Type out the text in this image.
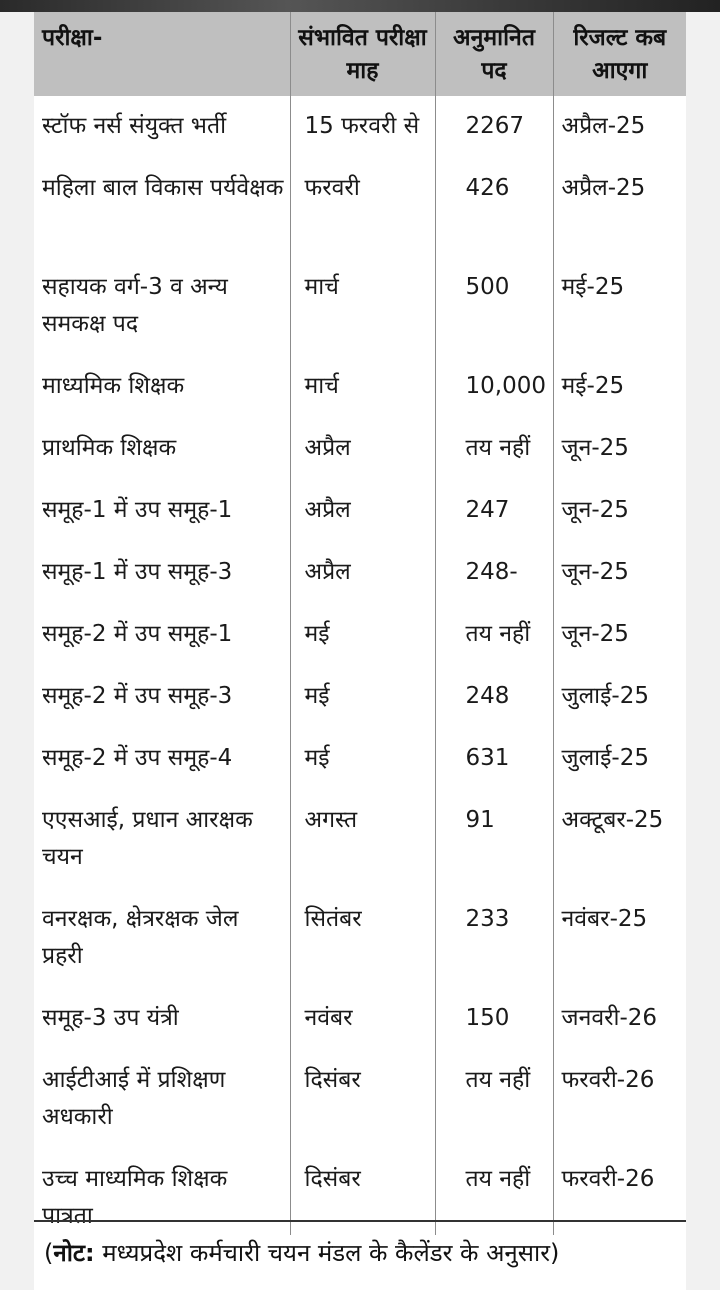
परीक्षा-	संभावित परीक्षा माह	अनुमानित पद	रिजल्ट कब आएगा
स्टॉफ नर्स संयुक्त भर्ती	15 फरवरी से	2267	अप्रैल-25
महिला बाल विकास पर्यवेक्षक	फरवरी	426	अप्रैल-25
सहायक वर्ग-3 व अन्य समकक्ष पद	मार्च	500	मई-25
माध्यमिक शिक्षक	मार्च	10,000	मई-25
प्राथमिक शिक्षक	अप्रैल	तय नहीं	जून-25
समूह-1 में उप समूह-1	अप्रैल	247	जून-25
समूह-1 में उप समूह-3	अप्रैल	248-	जून-25
समूह-2 में उप समूह-1	मई	तय नहीं	जून-25
समूह-2 में उप समूह-3	मई	248	जुलाई-25
समूह-2 में उप समूह-4	मई	631	जुलाई-25
एएसआई, प्रधान आरक्षक चयन	अगस्त	91	अक्टूबर-25
वनरक्षक, क्षेत्ररक्षक जेल प्रहरी	सितंबर	233	नवंबर-25
समूह-3 उप यंत्री	नवंबर	150	जनवरी-26
आईटीआई में प्रशिक्षण अधकारी	दिसंबर	तय नहीं	फरवरी-26
उच्च माध्यमिक शिक्षक पात्रता	दिसंबर	तय नहीं	फरवरी-26
(नोट: मध्यप्रदेश कर्मचारी चयन मंडल के कैलेंडर के अनुसार)
